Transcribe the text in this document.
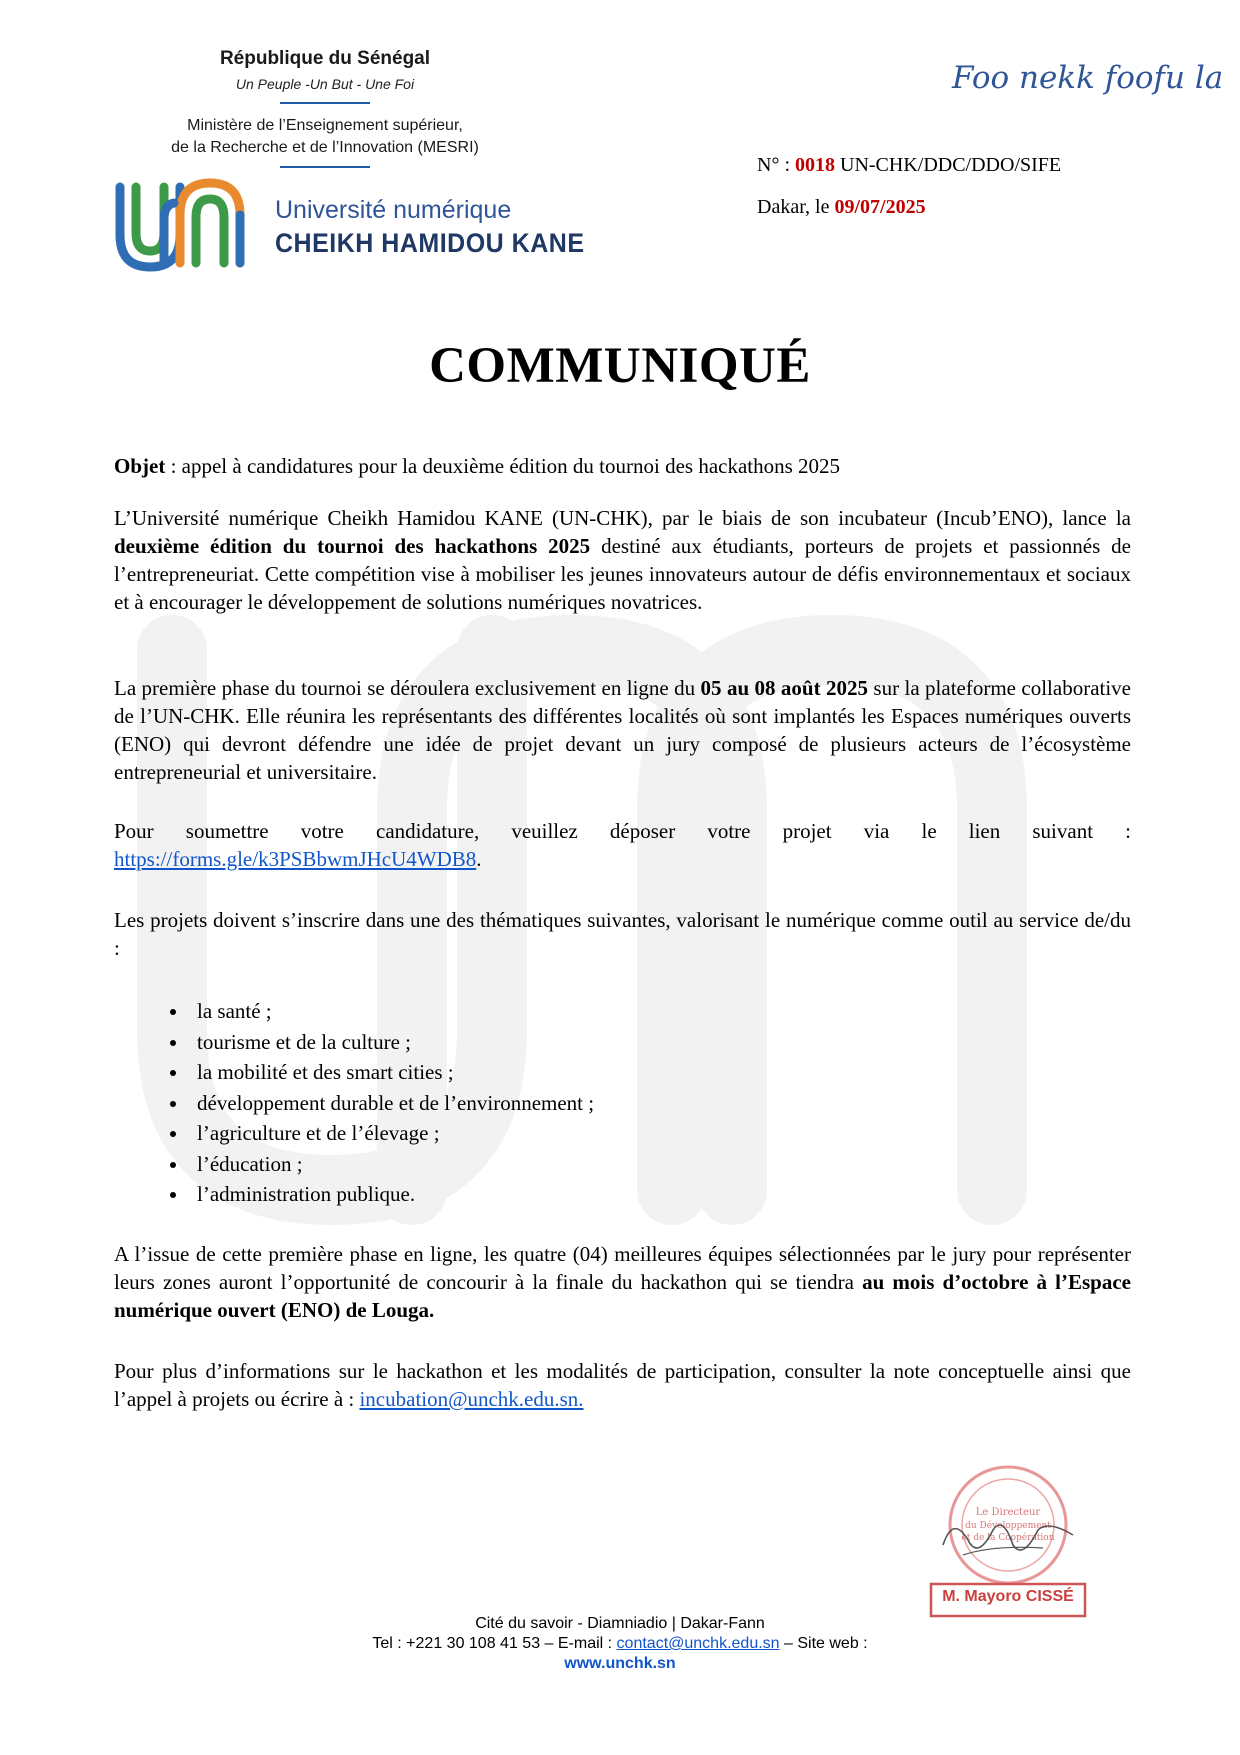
République du Sénégal
Un Peuple -Un But - Une Foi
Ministère de l’Enseignement supérieur,
de la Recherche et de l’Innovation (MESRI)
Université numérique
CHEIKH HAMIDOU KANE
Foo nekk foofu la
N° : 0018 UN-CHK/DDC/DDO/SIFE
Dakar, le 09/07/2025
COMMUNIQUÉ

Objet : appel à candidatures pour la deuxième édition du tournoi des hackathons 2025

L’Université numérique Cheikh Hamidou KANE (UN-CHK), par le biais de son incubateur (Incub’ENO), lance la deuxième édition du tournoi des hackathons 2025 destiné aux étudiants, porteurs de projets et passionnés de l’entrepreneuriat. Cette compétition vise à mobiliser les jeunes innovateurs autour de défis environnementaux et sociaux et à encourager le développement de solutions numériques novatrices.

La première phase du tournoi se déroulera exclusivement en ligne du 05 au 08 août 2025 sur la plateforme collaborative de l’UN-CHK. Elle réunira les représentants des différentes localités où sont implantés les Espaces numériques ouverts (ENO) qui devront défendre une idée de projet devant un jury composé de plusieurs acteurs de l’écosystème entrepreneurial et universitaire.

Pour soumettre votre candidature, veuillez déposer votre projet via le lien suivant : https://forms.gle/k3PSBbwmJHcU4WDB8.

Les projets doivent s’inscrire dans une des thématiques suivantes, valorisant le numérique comme outil au service de/du :

• la santé ;
• tourisme et de la culture ;
• la mobilité et des smart cities ;
• développement durable et de l’environnement ;
• l’agriculture et de l’élevage ;
• l’éducation ;
• l’administration publique.

A l’issue de cette première phase en ligne, les quatre (04) meilleures équipes sélectionnées par le jury pour représenter leurs zones auront l’opportunité de concourir à la finale du hackathon qui se tiendra au mois d’octobre à l’Espace numérique ouvert (ENO) de Louga.

Pour plus d’informations sur le hackathon et les modalités de participation, consulter la note conceptuelle ainsi que l’appel à projets ou écrire à : incubation@unchk.edu.sn.

Le Directeur
du Développement
et de la Coopération
M. Mayoro CISSÉ
Cité du savoir - Diamniadio | Dakar-Fann
Tel : +221 30 108 41 53 – E-mail : contact@unchk.edu.sn – Site web :
www.unchk.sn
